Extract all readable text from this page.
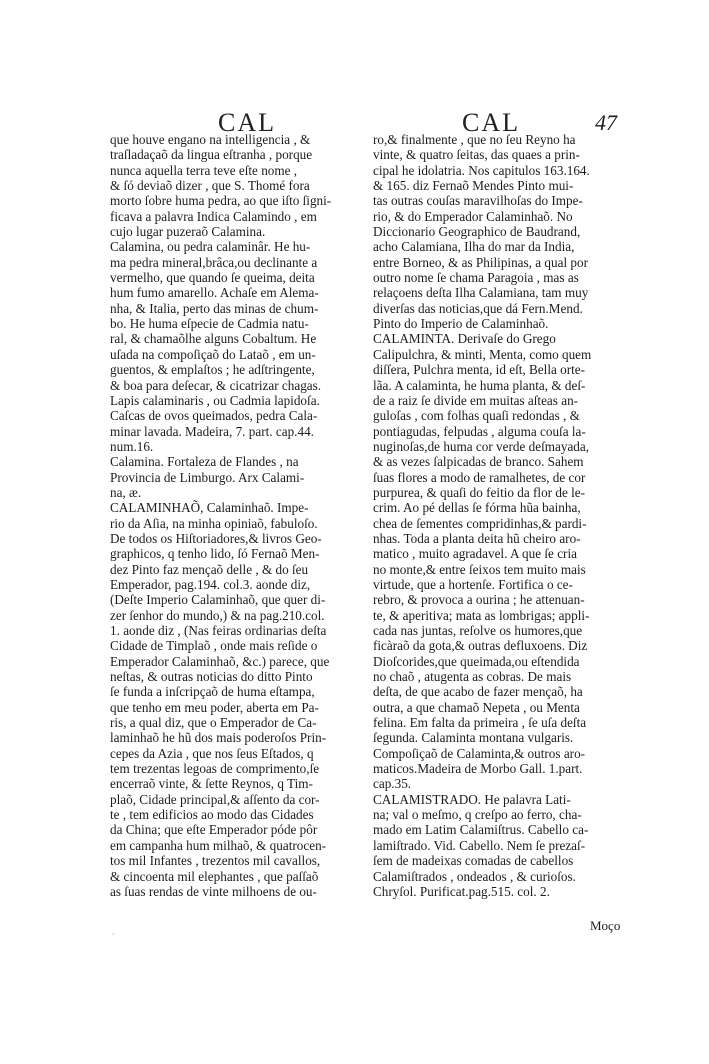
CAL	CAL	47
que houve engano na intelligencia , &
traſladaçaõ da lingua eſtranha , porque
nunca aquella terra teve eſte nome ,
& ſó deviaõ dizer , que S. Thomé fora
morto ſobre huma pedra, ao que iſto ſigni-
ficava a palavra Indica Calamindo , em
cujo lugar puzeraõ Calamina.
Calamina, ou pedra calaminâr. He hu-
ma pedra mineral,brâca,ou declinante a
vermelho, que quando ſe queima, deita
hum fumo amarello. Achaſe em Alema-
nha, & Italia, perto das minas de chum-
bo. He huma eſpecie de Cadmia natu-
ral, & chamaõlhe alguns Cobaltum. He
uſada na compoſiçaõ do Lataõ , em un-
guentos, & emplaſtos ; he adſtringente,
& boa para deſecar, & cicatrizar chagas.
Lapis calaminaris , ou Cadmia lapidoſa.
Caſcas de ovos queimados, pedra Cala-
minar lavada. Madeira, 7. part. cap.44.
num.16.
Calamina. Fortaleza de Flandes , na
Provincia de Limburgo. Arx Calami-
na, æ.
CALAMINHAÕ, Calaminhaõ. Impe-
rio da Aſia, na minha opiniaõ, fabuloſo.
De todos os Hiſtoriadores,& livros Geo-
graphicos, q tenho lido, ſó Fernaõ Men-
dez Pinto faz mençaõ delle , & do ſeu
Emperador, pag.194. col.3. aonde diz,
(Deſte Imperio Calaminhaõ, que quer di-
zer ſenhor do mundo,) & na pag.210.col.
1. aonde diz , (Nas feiras ordinarias deſta
Cidade de Timplaõ , onde mais reſide o
Emperador Calaminhaõ, &c.) parece, que
neſtas, & outras noticias do ditto Pinto
ſe funda a inſcripçaõ de huma eſtampa,
que tenho em meu poder, aberta em Pa-
ris, a qual diz, que o Emperador de Ca-
laminhaõ he hũ dos mais poderoſos Prin-
cepes da Azia , que nos ſeus Eſtados, q
tem trezentas legoas de comprimento,ſe
encerraõ vinte, & ſette Reynos, q Tim-
plaõ, Cidade principal,& aſſento da cor-
te , tem edificios ao modo das Cidades
da China; que eſte Emperador póde pôr
em campanha hum milhaõ, & quatrocen-
tos mil Infantes , trezentos mil cavallos,
& cincoenta mil elephantes , que paſſaõ
as ſuas rendas de vinte milhoens de ou-
ro,& finalmente , que no ſeu Reyno ha
vinte, & quatro ſeitas, das quaes a prin-
cipal he idolatria. Nos capitulos 163.164.
& 165. diz Fernaõ Mendes Pinto mui-
tas outras couſas maravilhoſas do Impe-
rio, & do Emperador Calaminhaõ. No
Diccionario Geographico de Baudrand,
acho Calamiana, Ilha do mar da India,
entre Borneo, & as Philipinas, a qual por
outro nome ſe chama Paragoia , mas as
relaçoens deſta Ilha Calamiana, tam muy
diverſas das noticias,que dá Fern.Mend.
Pinto do Imperio de Calaminhaõ.
CALAMINTA. Derivaſe do Grego
Calipulchra, & minti, Menta, como quem
diſſera, Pulchra menta, id eſt, Bella orte-
lãa. A calaminta, he huma planta, & deſ-
de a raiz ſe divide em muitas aſteas an-
guloſas , com folhas quaſi redondas , &
pontiagudas, felpudas , alguma couſa la-
nuginoſas,de huma cor verde deſmayada,
& as vezes ſalpicadas de branco. Sahem
ſuas flores a modo de ramalhetes, de cor
purpurea, & quaſi do feitio da flor de le-
crim. Ao pé dellas ſe fórma hũa bainha,
chea de ſementes compridinhas,& pardi-
nhas. Toda a planta deita hũ cheiro aro-
matico , muito agradavel. A que ſe cria
no monte,& entre ſeixos tem muito mais
virtude, que a hortenſe. Fortifica o ce-
rebro, & provoca a ourina ; he attenuan-
te, & aperitiva; mata as lombrigas; appli-
cada nas juntas, reſolve os humores,que
ficàraõ da gota,& outras defluxoens. Diz
Dioſcorides,que queimada,ou eſtendida
no chaõ , atugenta as cobras. De mais
deſta, de que acabo de fazer mençaõ, ha
outra, a que chamaõ Nepeta , ou Menta
felina. Em falta da primeira , ſe uſa deſta
ſegunda. Calaminta montana vulgaris.
Compoſiçaõ de Calaminta,& outros aro-
maticos.Madeira de Morbo Gall. 1.part.
cap.35.
CALAMISTRADO. He palavra Lati-
na; val o meſmo, q creſpo ao ferro, cha-
mado em Latim Calamiſtrus. Cabello ca-
lamiſtrado. Vid. Cabello. Nem ſe prezaſ-
ſem de madeixas comadas de cabellos
Calamiſtrados , ondeados , & curioſos.
Chryſol. Purificat.pag.515. col. 2.
·
Moço
